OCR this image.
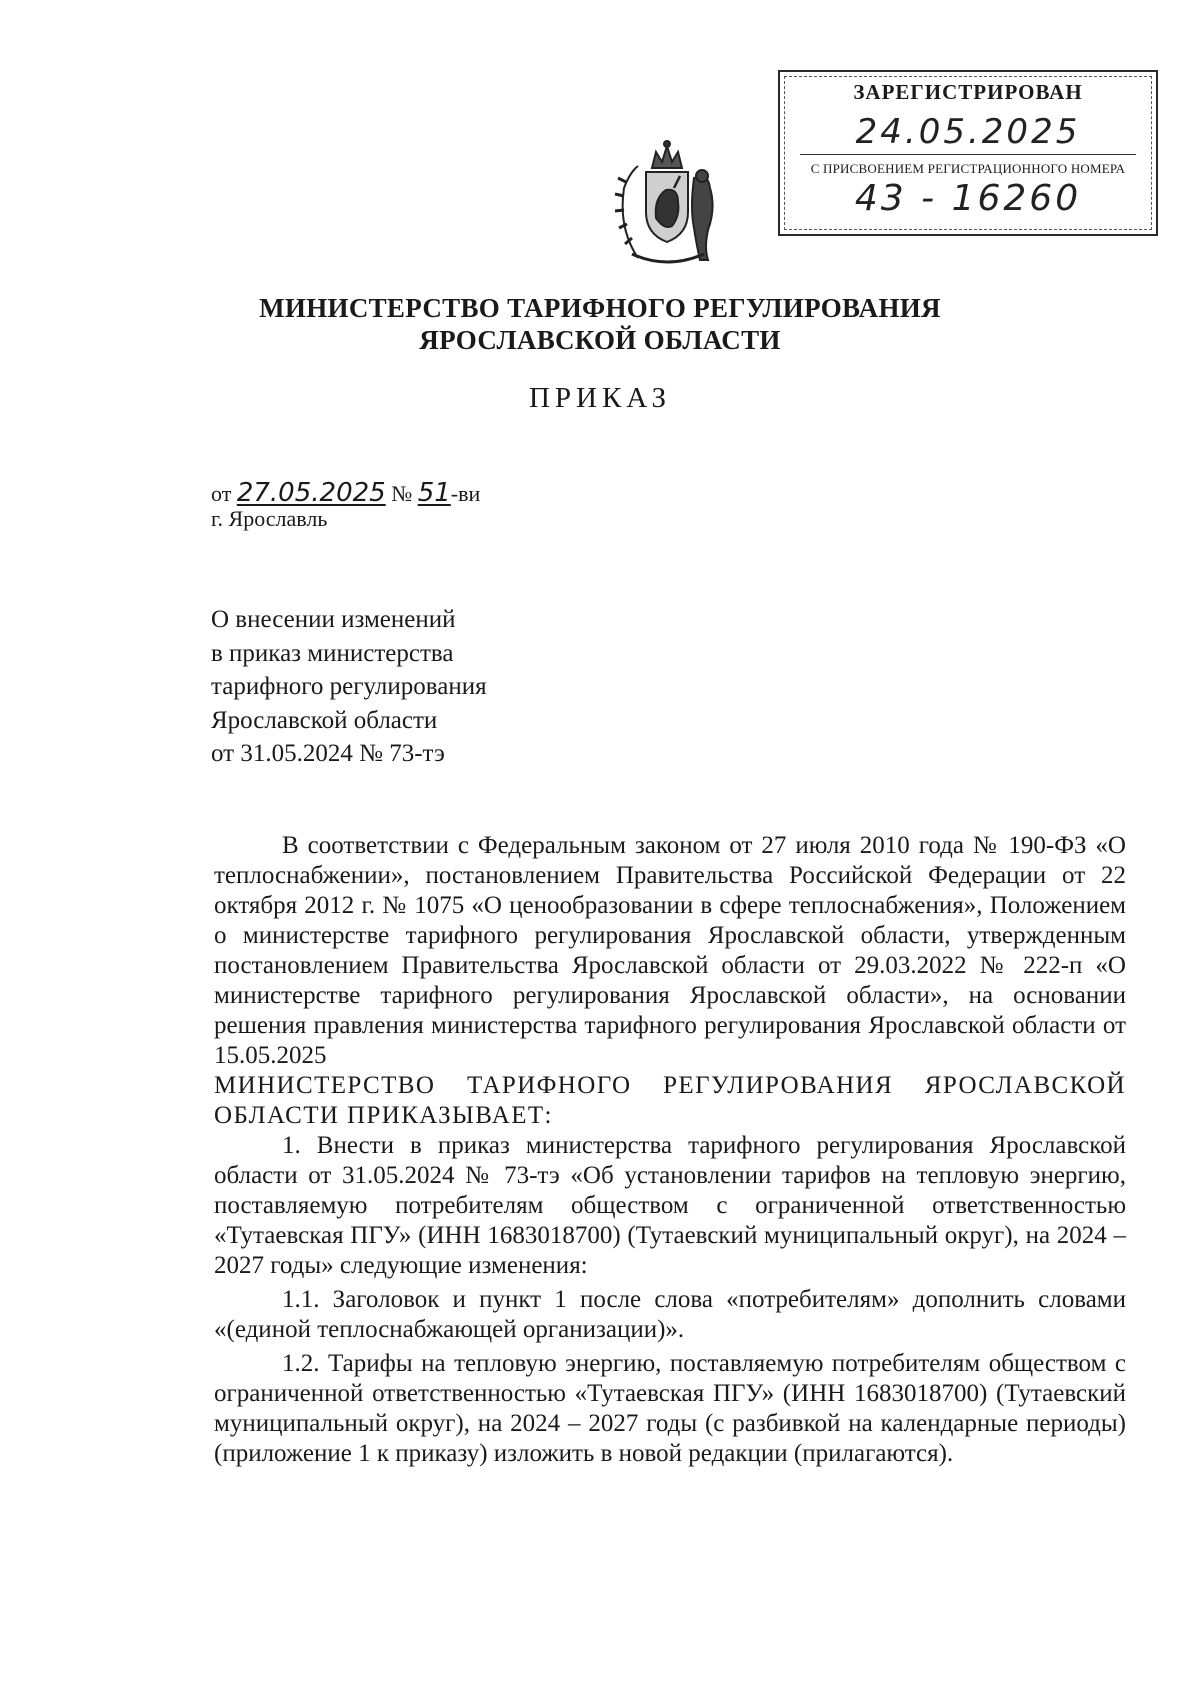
ЗАРЕГИСТРИРОВАН
24.05.2025
С ПРИСВОЕНИЕМ РЕГИСТРАЦИОННОГО НОМЕРА
43 - 16260
МИНИСТЕРСТВО ТАРИФНОГО РЕГУЛИРОВАНИЯ
ЯРОСЛАВСКОЙ ОБЛАСТИ
ПРИКАЗ
от 27.05.2025 № 51-ви
г. Ярославль
О внесении изменений
в приказ министерства
тарифного регулирования
Ярославской области
от 31.05.2024 № 73-тэ

В соответствии с Федеральным законом от 27 июля 2010 года № 190-ФЗ «О теплоснабжении», постановлением Правительства Российской Федерации от 22 октября 2012 г. № 1075 «О ценообразовании в сфере теплоснабжения», Положением о министерстве тарифного регулирования Ярославской области, утвержденным постановлением Правительства Ярославской области от 29.03.2022 № 222-п «О министерстве тарифного регулирования Ярославской области», на основании решения правления министерства тарифного регулирования Ярославской области от 15.05.2025

МИНИСТЕРСТВО ТАРИФНОГО РЕГУЛИРОВАНИЯ ЯРОСЛАВСКОЙ ОБЛАСТИ ПРИКАЗЫВАЕТ:

1. Внести в приказ министерства тарифного регулирования Ярославской области от 31.05.2024 № 73-тэ «Об установлении тарифов на тепловую энергию, поставляемую потребителям обществом с ограниченной ответственностью «Тутаевская ПГУ» (ИНН 1683018700) (Тутаевский муниципальный округ), на 2024 – 2027 годы» следующие изменения:

1.1. Заголовок и пункт 1 после слова «потребителям» дополнить словами «(единой теплоснабжающей организации)».

1.2. Тарифы на тепловую энергию, поставляемую потребителям обществом с ограниченной ответственностью «Тутаевская ПГУ» (ИНН 1683018700) (Тутаевский муниципальный округ), на 2024 – 2027 годы (с разбивкой на календарные периоды) (приложение 1 к приказу) изложить в новой редакции (прилагаются).
